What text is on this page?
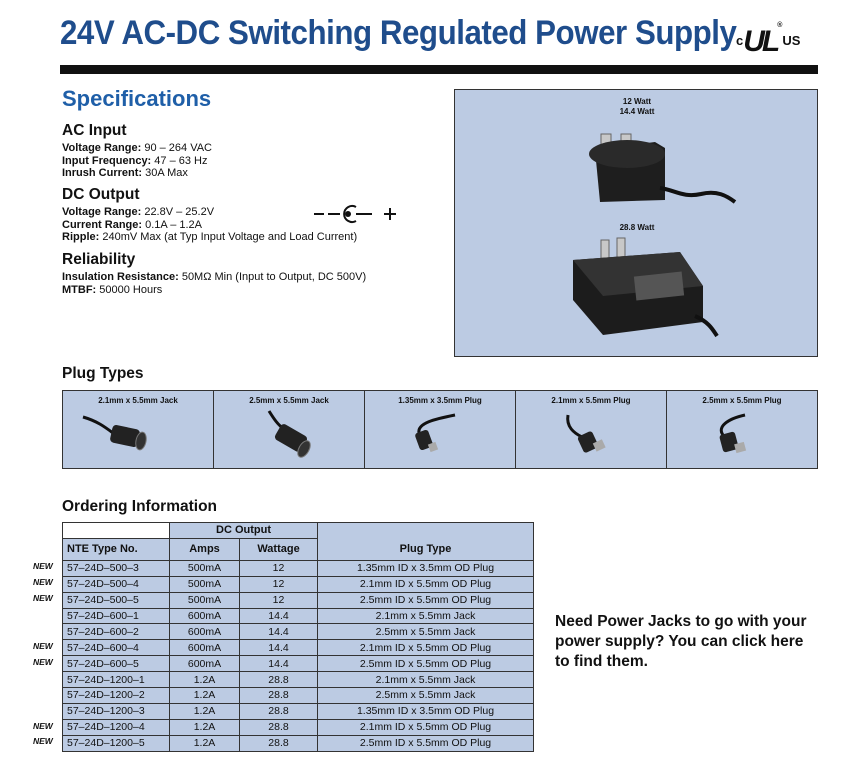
24V AC-DC Switching Regulated Power Supply cUL®US
Specifications
AC Input
Voltage Range: 90 – 264 VAC
Input Frequency: 47 – 63 Hz
Inrush Current: 30A Max
DC Output
Voltage Range: 22.8V – 25.2V
Current Range: 0.1A – 1.2A
Ripple: 240mV Max (at Typ Input Voltage and Load Current)
Reliability
Insulation Resistance: 50MΩ Min (Input to Output, DC 500V)
MTBF: 50000 Hours
12 Watt
14.4 Watt
28.8 Watt
Plug Types
2.1mm x 5.5mm Jack	2.5mm x 5.5mm Jack	1.35mm x 3.5mm Plug	2.1mm x 5.5mm Plug	2.5mm x 5.5mm Plug
Ordering Information
	DC Output		
NTE Type No.	Amps	Wattage	Plug Type
57–24D–500–3	500mA	12	1.35mm ID x 3.5mm OD Plug
57–24D–500–4	500mA	12	2.1mm ID x 5.5mm OD Plug
57–24D–500–5	500mA	12	2.5mm ID x 5.5mm OD Plug
57–24D–600–1	600mA	14.4	2.1mm x 5.5mm Jack
57–24D–600–2	600mA	14.4	2.5mm x 5.5mm Jack
57–24D–600–4	600mA	14.4	2.1mm ID x 5.5mm OD Plug
57–24D–600–5	600mA	14.4	2.5mm ID x 5.5mm OD Plug
57–24D–1200–1	1.2A	28.8	2.1mm x 5.5mm Jack
57–24D–1200–2	1.2A	28.8	2.5mm x 5.5mm Jack
57–24D–1200–3	1.2A	28.8	1.35mm ID x 3.5mm OD Plug
57–24D–1200–4	1.2A	28.8	2.1mm ID x 5.5mm OD Plug
57–24D–1200–5	1.2A	28.8	2.5mm ID x 5.5mm OD Plug
NEW
NEW
NEW
NEW
NEW
NEW
NEW
Need Power Jacks to go with your power supply? You can click here to find them.
